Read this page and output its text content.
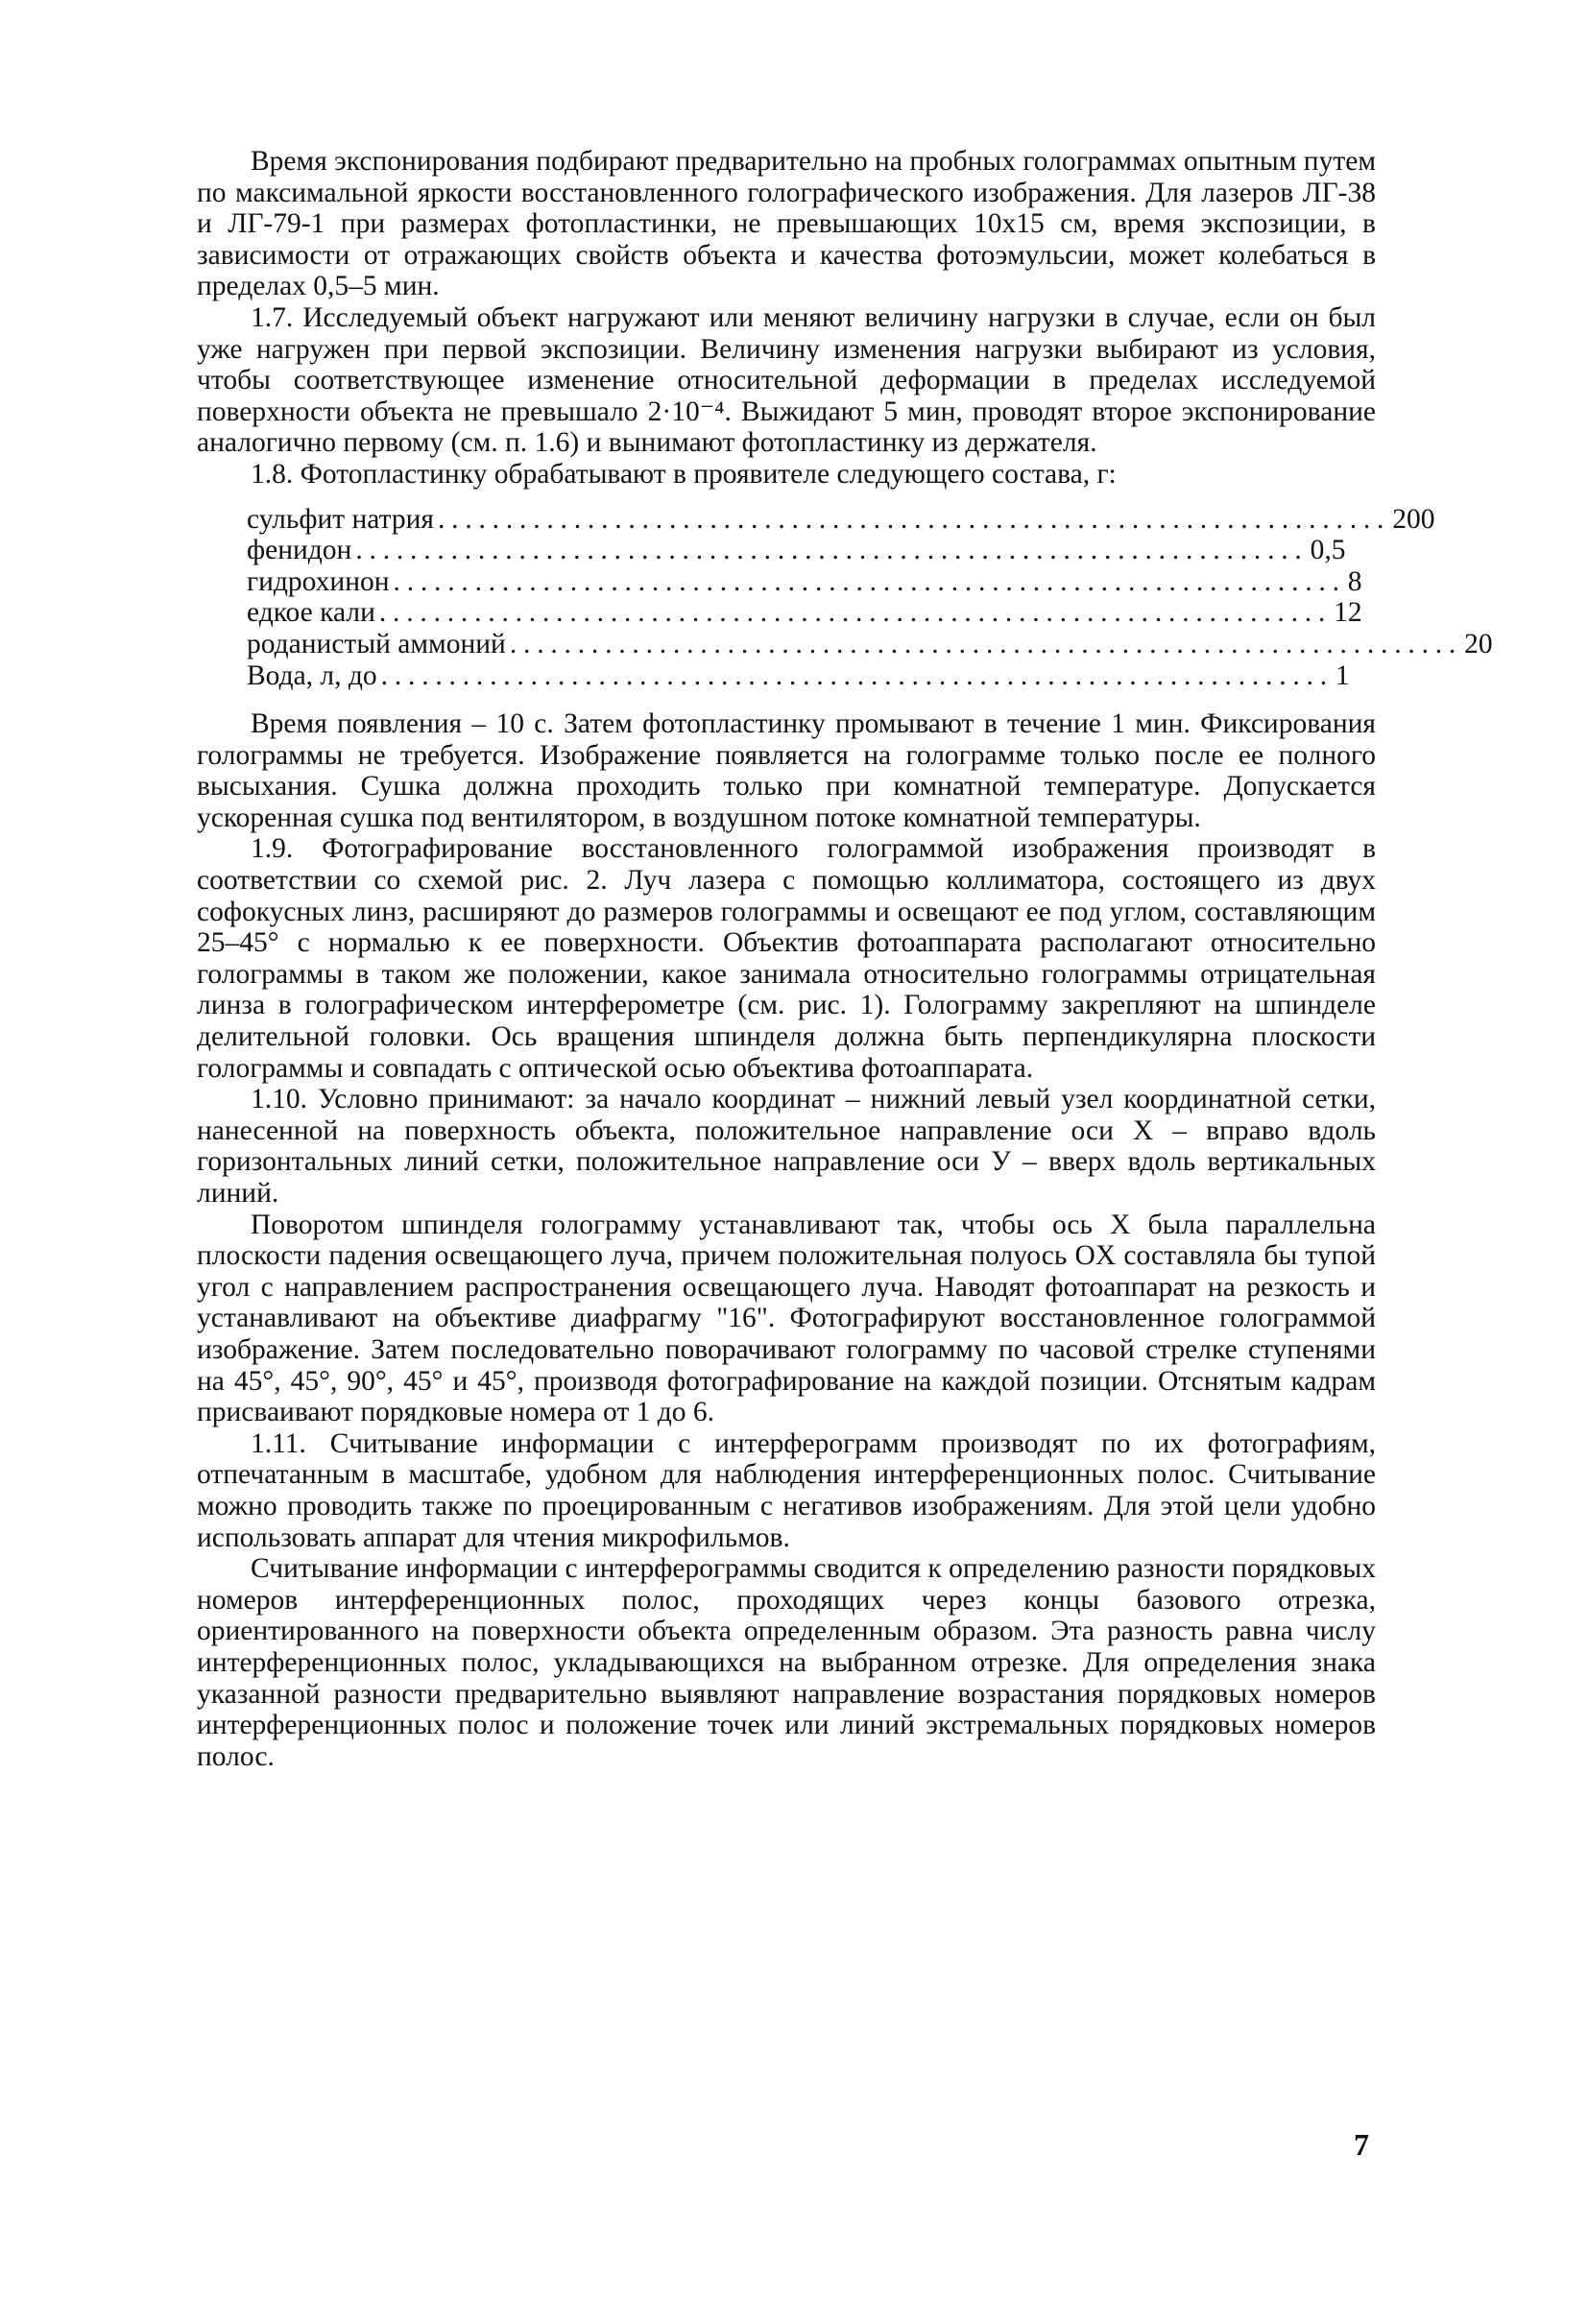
Время экспонирования подбирают предварительно на пробных голограммах опытным путем по максимальной яркости восстановленного голографического изображения. Для лазеров ЛГ-38 и ЛГ-79-1 при размерах фотопластинки, не превышающих 10x15 см, время экспозиции, в зависимости от отражающих свойств объекта и качества фотоэмульсии, может колебаться в пределах 0,5–5 мин.

1.7. Исследуемый объект нагружают или меняют величину нагрузки в случае, если он был уже нагружен при первой экспозиции. Величину изменения нагрузки выбирают из условия, чтобы соответствующее изменение относительной деформации в пределах исследуемой поверхности объекта не превышало 2·10⁻⁴. Выжидают 5 мин, проводят второе экспонирование аналогично первому (см. п. 1.6) и вынимают фотопластинку из держателя.

1.8. Фотопластинку обрабатывают в проявителе следующего состава, г:

сульфит натрия ...................................................................... 200
фенидон ...................................................................... 0,5
гидрохинон ...................................................................... 8
едкое кали ...................................................................... 12
роданистый аммоний ...................................................................... 20
Вода, л, до ...................................................................... 1

Время появления – 10 с. Затем фотопластинку промывают в течение 1 мин. Фиксирования голограммы не требуется. Изображение появляется на голограмме только после ее полного высыхания. Сушка должна проходить только при комнатной температуре. Допускается ускоренная сушка под вентилятором, в воздушном потоке комнатной температуры.

1.9. Фотографирование восстановленного голограммой изображения производят в соответствии со схемой рис. 2. Луч лазера с помощью коллиматора, состоящего из двух софокусных линз, расширяют до размеров голограммы и освещают ее под углом, составляющим 25–45° с нормалью к ее поверхности. Объектив фотоаппарата располагают относительно голограммы в таком же положении, какое занимала относительно голограммы отрицательная линза в голографическом интерферометре (см. рис. 1). Голограмму закрепляют на шпинделе делительной головки. Ось вращения шпинделя должна быть перпендикулярна плоскости голограммы и совпадать с оптической осью объектива фотоаппарата.

1.10. Условно принимают: за начало координат – нижний левый узел координатной сетки, нанесенной на поверхность объекта, положительное направление оси X – вправо вдоль горизонтальных линий сетки, положительное направление оси У – вверх вдоль вертикальных линий.

Поворотом шпинделя голограмму устанавливают так, чтобы ось X была параллельна плоскости падения освещающего луча, причем положительная полуось OX составляла бы тупой угол с направлением распространения освещающего луча. Наводят фотоаппарат на резкость и устанавливают на объективе диафрагму "16". Фотографируют восстановленное голограммой изображение. Затем последовательно поворачивают голограмму по часовой стрелке ступенями на 45°, 45°, 90°, 45° и 45°, производя фотографирование на каждой позиции. Отснятым кадрам присваивают порядковые номера от 1 до 6.

1.11. Считывание информации с интерферограмм производят по их фотографиям, отпечатанным в масштабе, удобном для наблюдения интерференционных полос. Считывание можно проводить также по проецированным с негативов изображениям. Для этой цели удобно использовать аппарат для чтения микрофильмов.

Считывание информации с интерферограммы сводится к определению разности порядковых номеров интерференционных полос, проходящих через концы базового отрезка, ориентированного на поверхности объекта определенным образом. Эта разность равна числу интерференционных полос, укладывающихся на выбранном отрезке. Для определения знака указанной разности предварительно выявляют направление возрастания порядковых номеров интерференционных полос и положение точек или линий экстремальных порядковых номеров полос.

7
